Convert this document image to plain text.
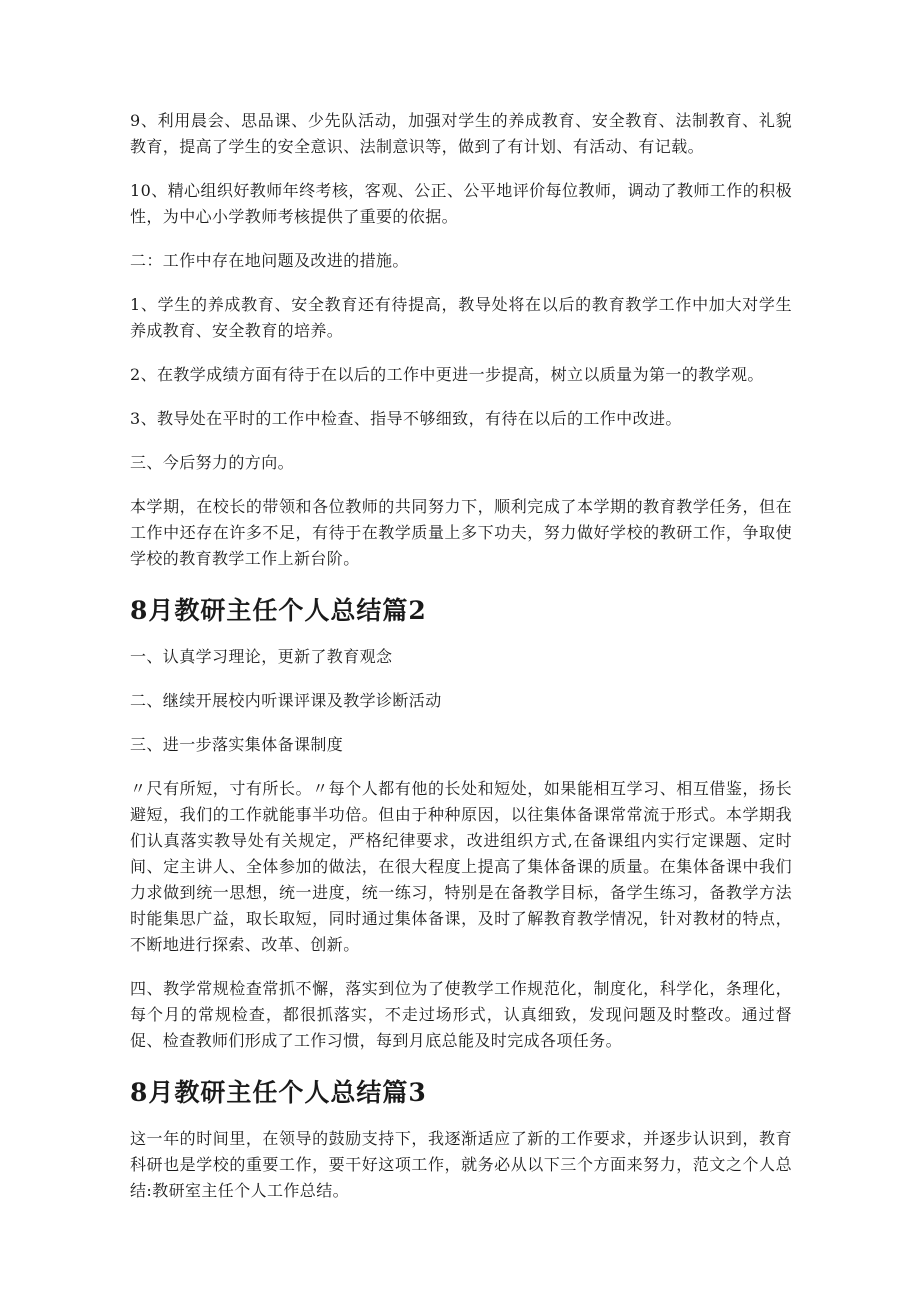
9、利用晨会、思品课、少先队活动，加强对学生的养成教育、安全教育、法制教育、礼貌教育，提高了学生的安全意识、法制意识等，做到了有计划、有活动、有记载。

10、精心组织好教师年终考核，客观、公正、公平地评价每位教师，调动了教师工作的积极性，为中心小学教师考核提供了重要的依据。

二：工作中存在地问题及改进的措施。

1、学生的养成教育、安全教育还有待提高，教导处将在以后的教育教学工作中加大对学生养成教育、安全教育的培养。

2、在教学成绩方面有待于在以后的工作中更进一步提高，树立以质量为第一的教学观。

3、教导处在平时的工作中检查、指导不够细致，有待在以后的工作中改进。

三、今后努力的方向。

本学期，在校长的带领和各位教师的共同努力下，顺利完成了本学期的教育教学任务，但在工作中还存在许多不足，有待于在教学质量上多下功夫，努力做好学校的教研工作，争取使学校的教育教学工作上新台阶。

8月教研主任个人总结篇2

一、认真学习理论，更新了教育观念

二、继续开展校内听课评课及教学诊断活动

三、进一步落实集体备课制度

〃尺有所短，寸有所长。〃每个人都有他的长处和短处，如果能相互学习、相互借鉴，扬长避短，我们的工作就能事半功倍。但由于种种原因，以往集体备课常常流于形式。本学期我们认真落实教导处有关规定，严格纪律要求，改进组织方式,在备课组内实行定课题、定时间、定主讲人、全体参加的做法，在很大程度上提高了集体备课的质量。在集体备课中我们力求做到统一思想，统一进度，统一练习，特别是在备教学目标，备学生练习，备教学方法时能集思广益，取长取短，同时通过集体备课，及时了解教育教学情况，针对教材的特点，不断地进行探索、改革、创新。

四、教学常规检查常抓不懈，落实到位为了使教学工作规范化，制度化，科学化，条理化，每个月的常规检查，都很抓落实，不走过场形式，认真细致，发现问题及时整改。通过督促、检查教师们形成了工作习惯，每到月底总能及时完成各项任务。

8月教研主任个人总结篇3

这一年的时间里，在领导的鼓励支持下，我逐渐适应了新的工作要求，并逐步认识到，教育科研也是学校的重要工作，要干好这项工作，就务必从以下三个方面来努力，范文之个人总结:教研室主任个人工作总结。
